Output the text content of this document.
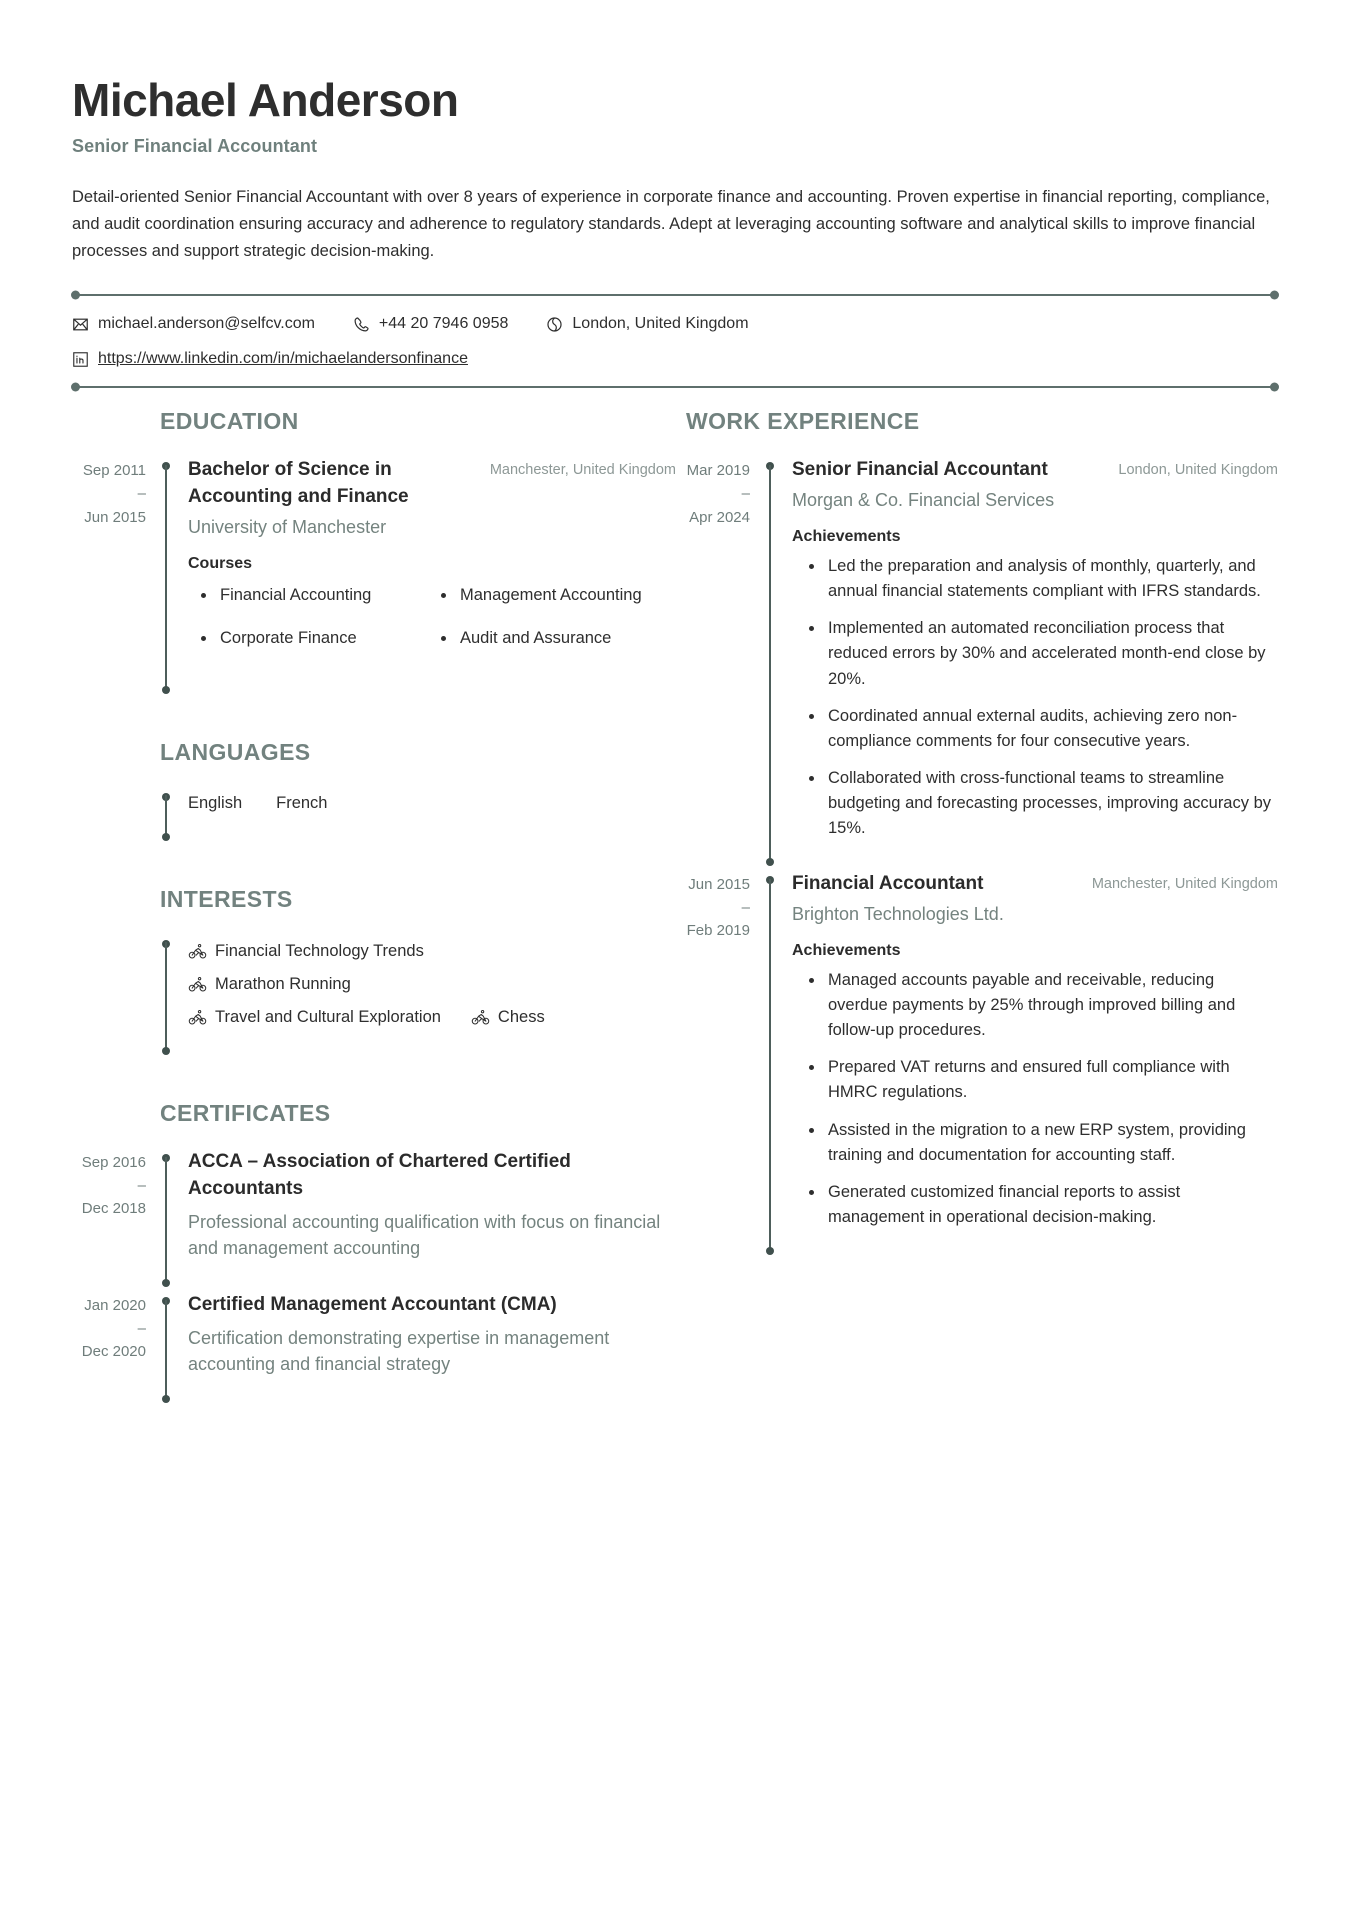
Michael Anderson
Senior Financial Accountant

Detail-oriented Senior Financial Accountant with over 8 years of experience in corporate finance and accounting. Proven expertise in financial reporting, compliance, and audit coordination ensuring accuracy and adherence to regulatory standards. Adept at leveraging accounting software and analytical skills to improve financial processes and support strategic decision-making.

michael.anderson@selfcv.com	+44 20 7946 0958	London, United Kingdom
https://www.linkedin.com/in/michaelandersonfinance
EDUCATION
Sep 2011
–
Jun 2015
Bachelor of Science in Accounting and Finance
Manchester, United Kingdom
University of Manchester
Courses
Financial Accounting	Management Accounting
Corporate Finance	Audit and Assurance
LANGUAGES
English French
INTERESTS
Financial Technology Trends
Marathon Running
Travel and Cultural Exploration	Chess
CERTIFICATES
Sep 2016
–
Dec 2018
ACCA – Association of Chartered Certified Accountants
Professional accounting qualification with focus on financial and management accounting
Jan 2020
–
Dec 2020
Certified Management Accountant (CMA)
Certification demonstrating expertise in management accounting and financial strategy
WORK EXPERIENCE
Mar 2019
–
Apr 2024
Senior Financial Accountant	London, United Kingdom
Morgan & Co. Financial Services
Achievements
Led the preparation and analysis of monthly, quarterly, and annual financial statements compliant with IFRS standards.
Implemented an automated reconciliation process that reduced errors by 30% and accelerated month-end close by 20%.
Coordinated annual external audits, achieving zero non-compliance comments for four consecutive years.
Collaborated with cross-functional teams to streamline budgeting and forecasting processes, improving accuracy by 15%.
Jun 2015
–
Feb 2019
Financial Accountant	Manchester, United Kingdom
Brighton Technologies Ltd.
Achievements
Managed accounts payable and receivable, reducing overdue payments by 25% through improved billing and follow-up procedures.
Prepared VAT returns and ensured full compliance with HMRC regulations.
Assisted in the migration to a new ERP system, providing training and documentation for accounting staff.
Generated customized financial reports to assist management in operational decision-making.
